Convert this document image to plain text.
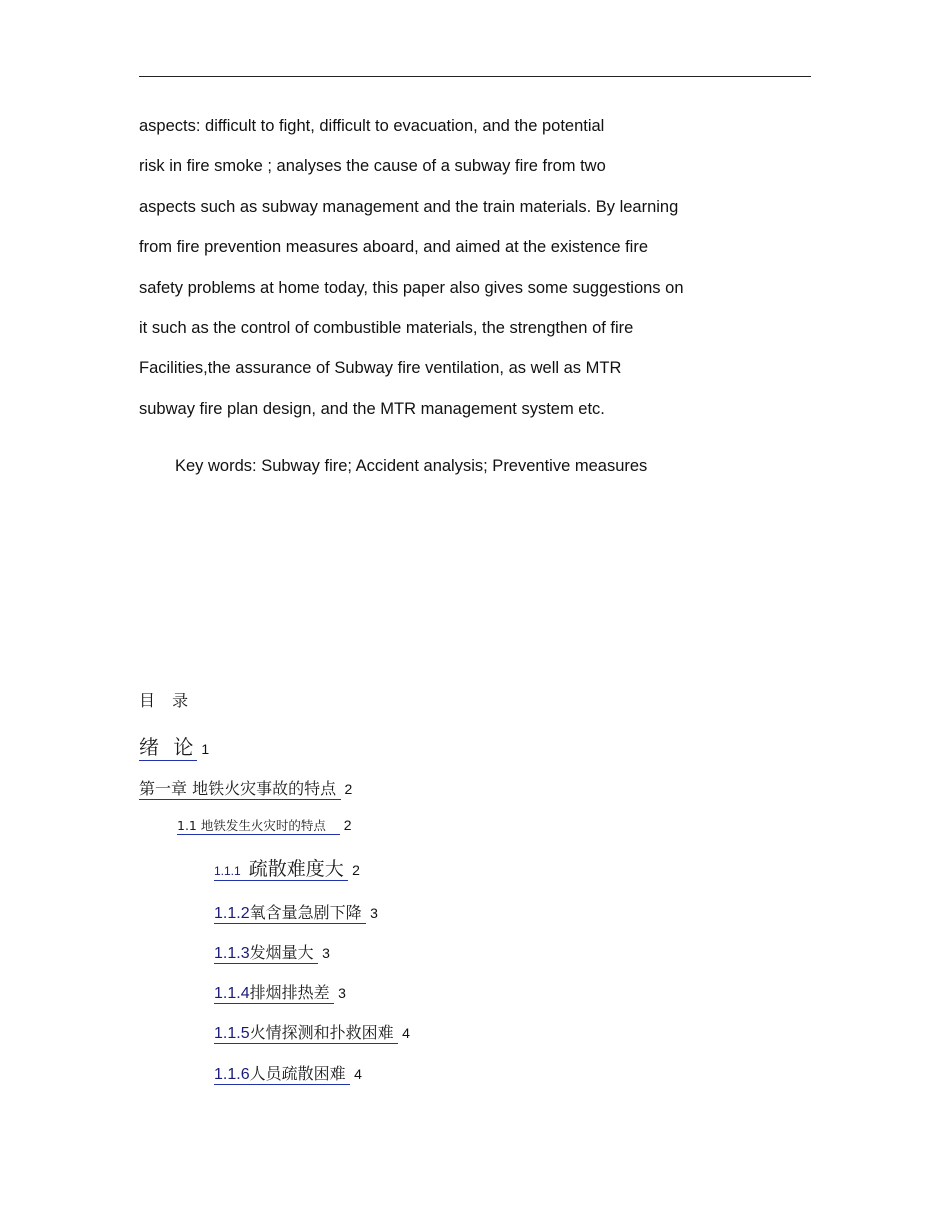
aspects: difficult to fight, difficult to evacuation, and the potential
risk in fire smoke ; analyses the cause of a subway fire from two
aspects such as subway management and the train materials. By learning
from fire prevention measures aboard, and aimed at the existence fire
safety problems at home today, this paper also gives some suggestions on
it such as the control of combustible materials, the strengthen of fire
Facilities,the assurance of Subway fire ventilation, as well as MTR
subway fire plan design, and the MTR management system etc.
Key words: Subway fire; Accident analysis; Preventive measures
目 录
绪 论 1
第一章 地铁火灾事故的特点 2
1.1 地铁发生火灾时的特点 2
1.1.1 疏散难度大 2
1.1.2氧含量急剧下降 3
1.1.3发烟量大 3
1.1.4排烟排热差 3
1.1.5火情探测和扑救困难 4
1.1.6人员疏散困难 4
